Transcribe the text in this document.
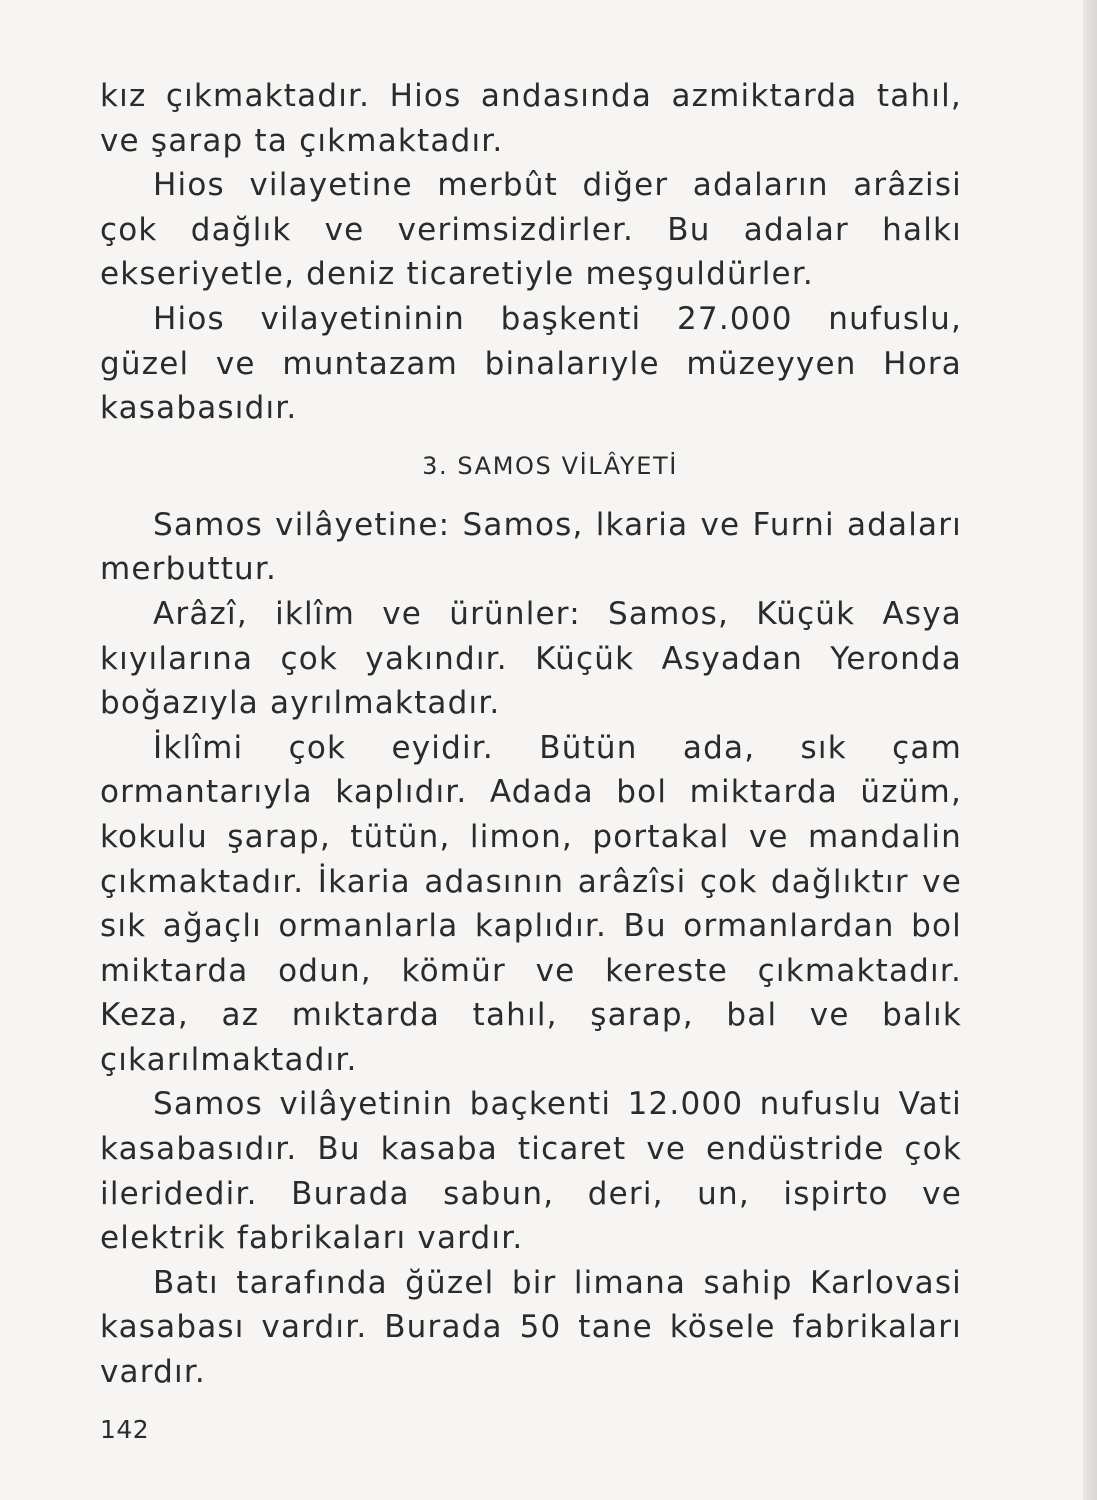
kız çıkmaktadır. Hios andasında azmiktarda tahıl, ve şarap ta çıkmaktadır.

Hios vilayetine merbût diğer adaların arâzisi çok dağlık ve verimsizdirler. Bu adalar halkı ekseriyetle, deniz ticaretiyle meşguldürler.

Hios vilayetininin başkenti 27.000 nufuslu, güzel ve muntazam binalarıyle müzeyyen Hora kasabasıdır.

3. SAMOS VİLÂYETİ

Samos vilâyetine: Samos, lkaria ve Furni adaları merbuttur.

Arâzî, iklîm ve ürünler: Samos, Küçük Asya kıyılarına çok yakındır. Küçük Asyadan Yeronda boğazıyla ayrılmaktadır.

İklîmi çok eyidir. Bütün ada, sık çam ormantarıyla kaplıdır. Adada bol miktarda üzüm, kokulu şarap, tütün, limon, portakal ve mandalin çıkmaktadır. İkaria adasının arâzîsi çok dağlıktır ve sık ağaçlı ormanlarla kaplıdır. Bu ormanlardan bol miktarda odun, kömür ve kereste çıkmaktadır. Keza, az mıktarda tahıl, şarap, bal ve balık çıkarılmaktadır.

Samos vilâyetinin baçkenti 12.000 nufuslu Vati kasabasıdır. Bu kasaba ticaret ve endüstride çok ileridedir. Burada sabun, deri, un, ispirto ve elektrik fabrikaları vardır.

Batı tarafında ğüzel bir limana sahip Karlovasi kasabası vardır. Burada 50 tane kösele fabrikaları vardır.

142
